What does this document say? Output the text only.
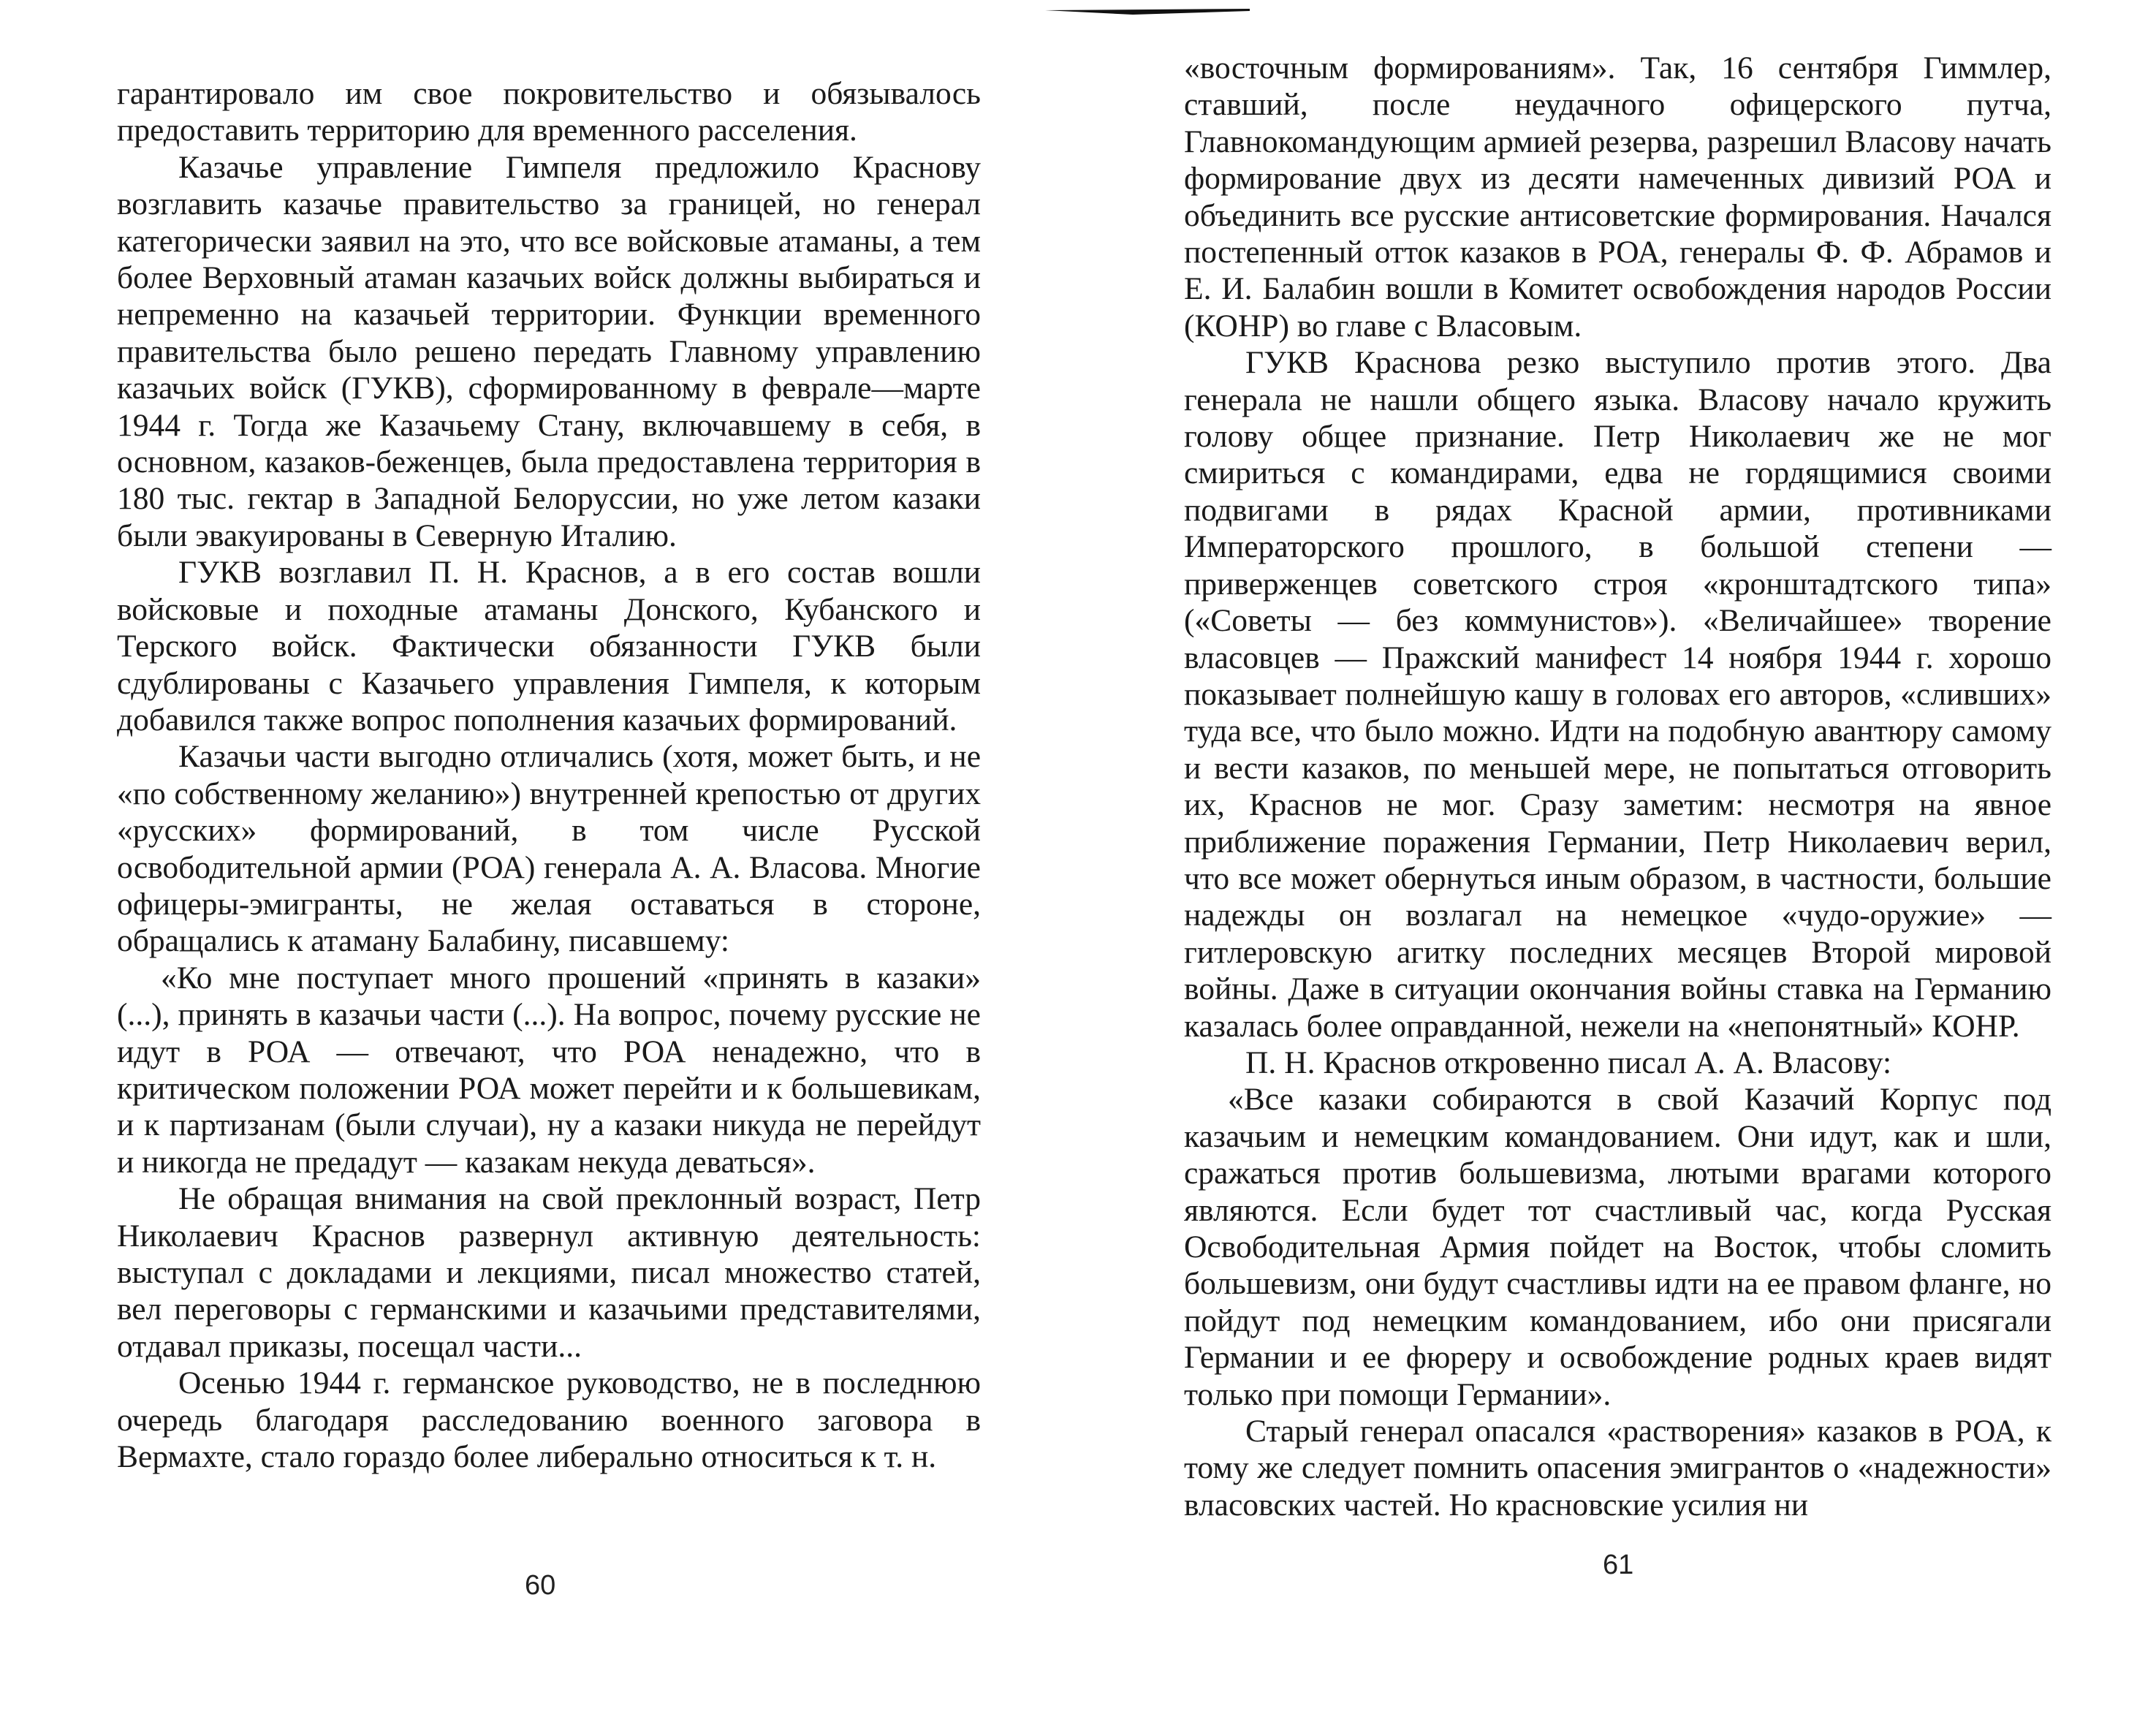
гарантировало им свое покровительство и обязывалось предоставить территорию для временного расселения.

Казачье управление Гимпеля предложило Краснову возглавить казачье правительство за границей, но генерал категорически заявил на это, что все войсковые атаманы, а тем более Верховный атаман казачьих войск должны выбираться и непременно на казачьей территории. Функции временного правительства было решено передать Главному управлению казачьих войск (ГУКВ), сформированному в феврале—марте 1944 г. Тогда же Казачьему Стану, включавшему в себя, в основном, казаков-беженцев, была предоставлена территория в 180 тыс. гектар в Западной Белоруссии, но уже летом казаки были эвакуированы в Северную Италию.

ГУКВ возглавил П. Н. Краснов, а в его состав вошли войсковые и походные атаманы Донского, Кубанского и Терского войск. Фактически обязанности ГУКВ были сдублированы с Казачьего управления Гимпеля, к которым добавился также вопрос пополнения казачьих формирований.

Казачьи части выгодно отличались (хотя, может быть, и не «по собственному желанию») внутренней крепостью от других «русских» формирований, в том числе Русской освободительной армии (РОА) генерала А. А. Власова. Многие офицеры-эмигранты, не желая оставаться в стороне, обращались к атаману Балабину, писавшему:

«Ко мне поступает много прошений «принять в казаки» (...), принять в казачьи части (...). На вопрос, почему русские не идут в РОА — отвечают, что РОА ненадежно, что в критическом положении РОА может перейти и к большевикам, и к партизанам (были случаи), ну а казаки никуда не перейдут и никогда не предадут — казакам некуда деваться».

Не обращая внимания на свой преклонный возраст, Петр Николаевич Краснов развернул активную деятельность: выступал с докладами и лекциями, писал множество статей, вел переговоры с германскими и казачьими представителями, отдавал приказы, посещал части...

Осенью 1944 г. германское руководство, не в последнюю очередь благодаря расследованию военного заговора в Вермахте, стало гораздо более либерально относиться к т. н.

60

«восточным формированиям». Так, 16 сентября Гиммлер, ставший, после неудачного офицерского путча, Главнокомандующим армией резерва, разрешил Власову начать формирование двух из десяти намеченных дивизий РОА и объединить все русские антисоветские формирования. Начался постепенный отток казаков в РОА, генералы Ф. Ф. Абрамов и Е. И. Балабин вошли в Комитет освобождения народов России (КОНР) во главе с Власовым.

ГУКВ Краснова резко выступило против этого. Два генерала не нашли общего языка. Власову начало кружить голову общее признание. Петр Николаевич же не мог смириться с командирами, едва не гордящимися своими подвигами в рядах Красной армии, противниками Императорского прошлого, в большой степени — приверженцев советского строя «кронштадтского типа» («Советы — без коммунистов»). «Величайшее» творение власовцев — Пражский манифест 14 ноября 1944 г. хорошо показывает полнейшую кашу в головах его авторов, «сливших» туда все, что было можно. Идти на подобную авантюру самому и вести казаков, по меньшей мере, не попытаться отговорить их, Краснов не мог. Сразу заметим: несмотря на явное приближение поражения Германии, Петр Николаевич верил, что все может обернуться иным образом, в частности, большие надежды он возлагал на немецкое «чудо-оружие» — гитлеровскую агитку последних месяцев Второй мировой войны. Даже в ситуации окончания войны ставка на Германию казалась более оправданной, нежели на «непонятный» КОНР.

П. Н. Краснов откровенно писал А. А. Власову:

«Все казаки собираются в свой Казачий Корпус под казачьим и немецким командованием. Они идут, как и шли, сражаться против большевизма, лютыми врагами которого являются. Если будет тот счастливый час, когда Русская Освободительная Армия пойдет на Восток, чтобы сломить большевизм, они будут счастливы идти на ее правом фланге, но пойдут под немецким командованием, ибо они присягали Германии и ее фюреру и освобождение родных краев видят только при помощи Германии».

Старый генерал опасался «растворения» казаков в РОА, к тому же следует помнить опасения эмигрантов о «надежности» власовских частей. Но красновские усилия ни

61
